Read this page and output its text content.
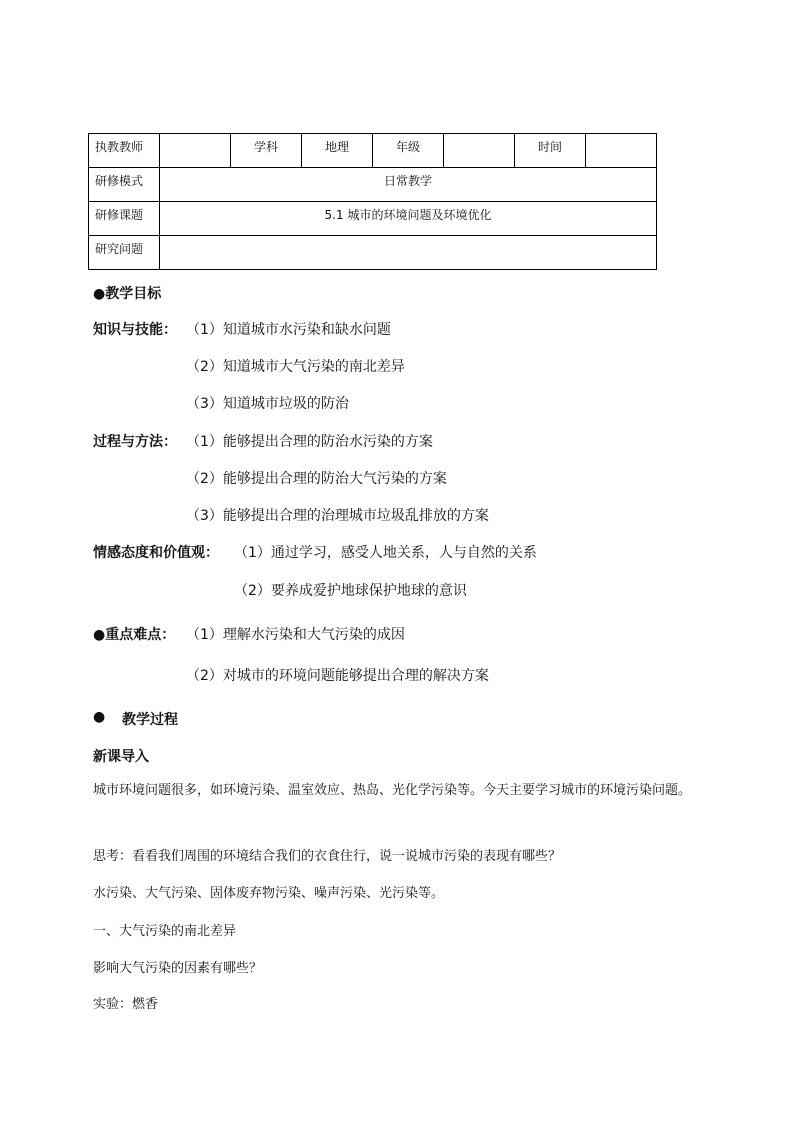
执教教师		学科	地理	年级		时间	
研修模式	日常教学						
研修课题	5.1 城市的环境问题及环境优化						
研究问题							
●教学目标
知识与技能： （1）知道城市水污染和缺水问题
（2）知道城市大气污染的南北差异
（3）知道城市垃圾的防治
过程与方法： （1）能够提出合理的防治水污染的方案
（2）能够提出合理的防治大气污染的方案
（3）能够提出合理的治理城市垃圾乱排放的方案
情感态度和价值观： （1）通过学习，感受人地关系，人与自然的关系
（2）要养成爱护地球保护地球的意识
●重点难点： （1）理解水污染和大气污染的成因
（2）对城市的环境问题能够提出合理的解决方案
● 教学过程
新课导入
城市环境问题很多，如环境污染、温室效应、热岛、光化学污染等。今天主要学习城市的环境污染问题。
思考：看看我们周围的环境结合我们的衣食住行，说一说城市污染的表现有哪些？
水污染、大气污染、固体废弃物污染、噪声污染、光污染等。
一、大气污染的南北差异
影响大气污染的因素有哪些？
实验：燃香
